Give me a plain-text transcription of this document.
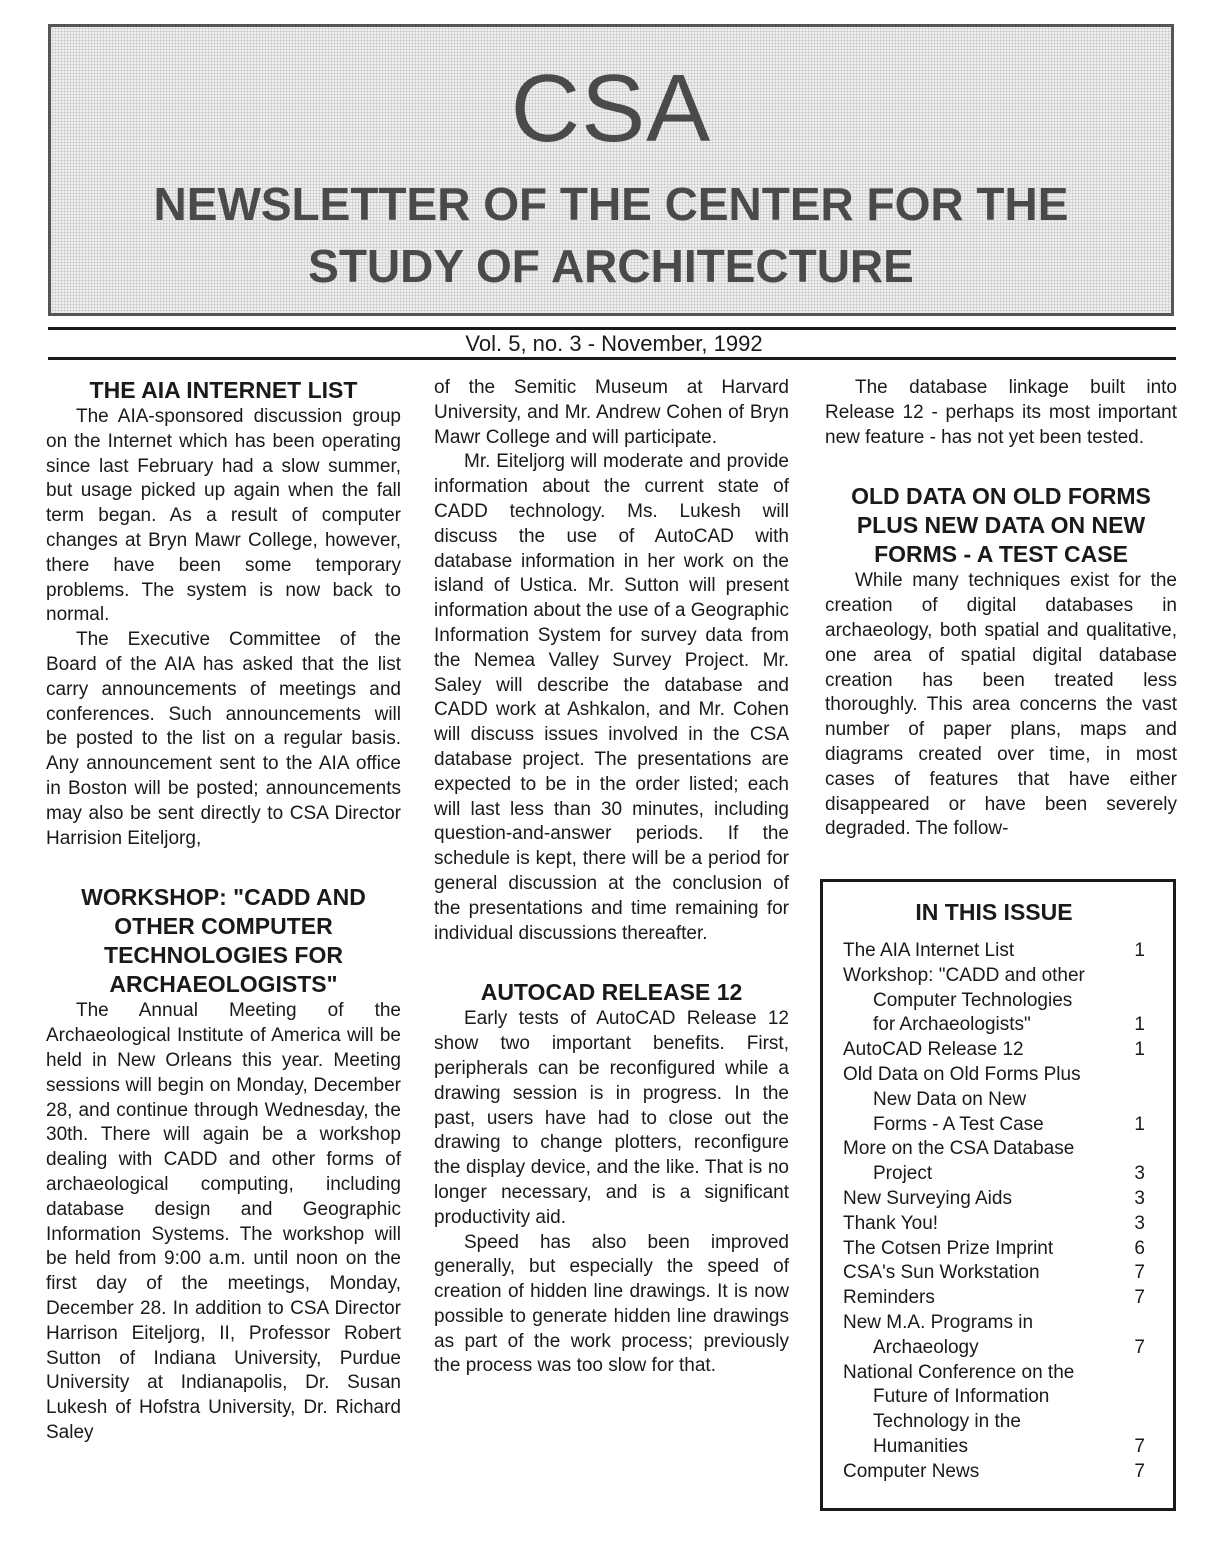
CSA
NEWSLETTER OF THE CENTER FOR THE
STUDY OF ARCHITECTURE
Vol. 5, no. 3 - November, 1992
THE AIA INTERNET LIST

The AIA-sponsored discussion group on the Internet which has been operating since last February had a slow summer, but usage picked up again when the fall term began. As a result of computer changes at Bryn Mawr College, however, there have been some temporary problems. The system is now back to normal.

The Executive Committee of the Board of the AIA has asked that the list carry announcements of meetings and conferences. Such announcements will be posted to the list on a regular basis. Any announcement sent to the AIA office in Boston will be posted; announcements may also be sent directly to CSA Director Harrision Eiteljorg,

WORKSHOP: "CADD AND
OTHER COMPUTER
TECHNOLOGIES FOR
ARCHAEOLOGISTS"

The Annual Meeting of the Archaeological Institute of America will be held in New Orleans this year. Meeting sessions will begin on Monday, December 28, and continue through Wednesday, the 30th. There will again be a workshop dealing with CADD and other forms of archaeological computing, including database design and Geographic Information Systems. The workshop will be held from 9:00 a.m. until noon on the first day of the meetings, Monday, December 28. In addition to CSA Director Harrison Eiteljorg, II, Professor Robert Sutton of Indiana University, Purdue University at Indianapolis, Dr. Susan Lukesh of Hofstra University, Dr. Richard Saley

of the Semitic Museum at Harvard University, and Mr. Andrew Cohen of Bryn Mawr College and will participate.

Mr. Eiteljorg will moderate and provide information about the current state of CADD technology. Ms. Lukesh will discuss the use of AutoCAD with database information in her work on the island of Ustica. Mr. Sutton will present information about the use of a Geographic Information System for survey data from the Nemea Valley Survey Project. Mr. Saley will describe the database and CADD work at Ashkalon, and Mr. Cohen will discuss issues involved in the CSA database project. The presentations are expected to be in the order listed; each will last less than 30 minutes, including question-and-answer periods. If the schedule is kept, there will be a period for general discussion at the conclusion of the presentations and time remaining for individual discussions thereafter.

AUTOCAD RELEASE 12

Early tests of AutoCAD Release 12 show two important benefits. First, peripherals can be reconfigured while a drawing session is in progress. In the past, users have had to close out the drawing to change plotters, reconfigure the display device, and the like. That is no longer necessary, and is a significant productivity aid.

Speed has also been improved generally, but especially the speed of creation of hidden line drawings. It is now possible to generate hidden line drawings as part of the work process; previously the process was too slow for that.

The database linkage built into Release 12 - perhaps its most important new feature - has not yet been tested.

OLD DATA ON OLD FORMS
PLUS NEW DATA ON NEW
FORMS - A TEST CASE

While many techniques exist for the creation of digital databases in archaeology, both spatial and qualitative, one area of spatial digital database creation has been treated less thoroughly. This area concerns the vast number of paper plans, maps and diagrams created over time, in most cases of features that have either disappeared or have been severely degraded. The follow-

IN THIS ISSUE
The AIA Internet List	1
Workshop: "CADD and other
Computer Technologies
for Archaeologists"	1
AutoCAD Release 12	1
Old Data on Old Forms Plus
New Data on New
Forms - A Test Case	1
More on the CSA Database
Project	3
New Surveying Aids	3
Thank You!	3
The Cotsen Prize Imprint	6
CSA's Sun Workstation	7
Reminders	7
New M.A. Programs in
Archaeology	7
National Conference on the
Future of Information
Technology in the
Humanities	7
Computer News	7
